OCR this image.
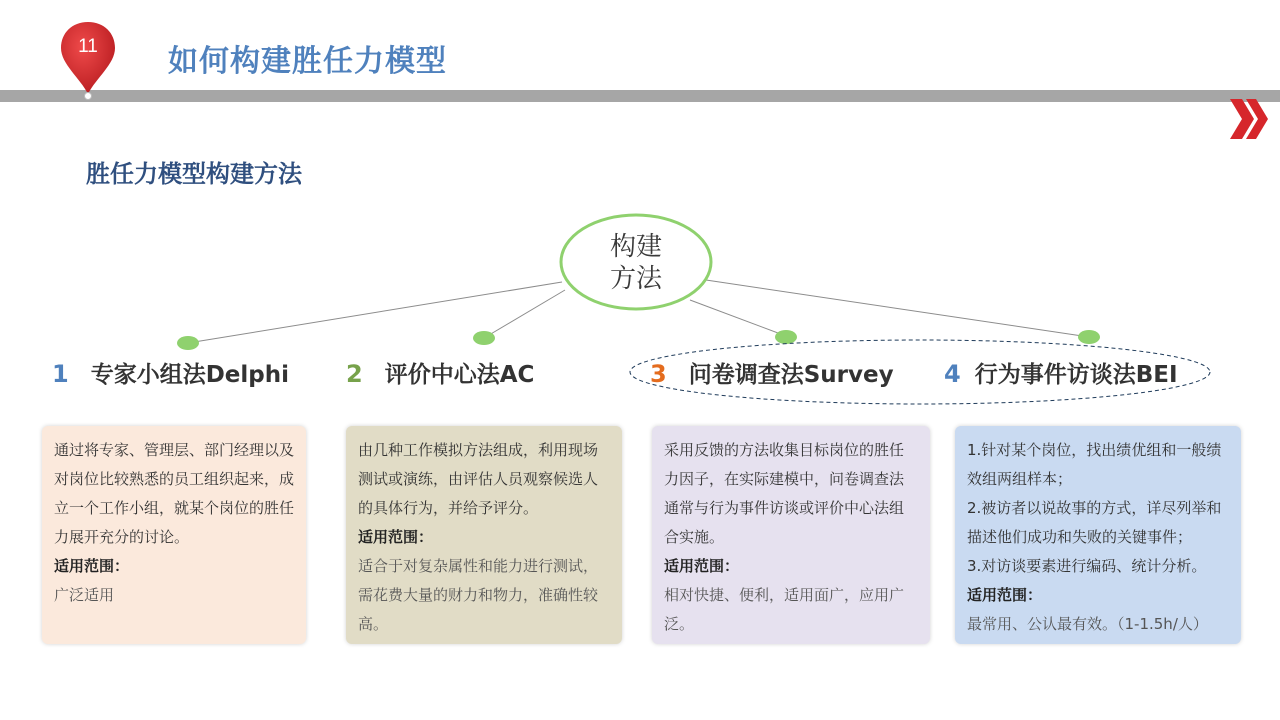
11	如何构建胜任力模型
胜任力模型构建方法
构建
方法
1 专家小组法Delphi 2 评价中心法AC	3 问卷调查法Survey 4 行为事件访谈法BEI

通过将专家、管理层、部门经理以及对岗位比较熟悉的员工组织起来，成立一个工作小组，就某个岗位的胜任力展开充分的讨论。

适用范围：

广泛适用

由几种工作模拟方法组成，利用现场测试或演练，由评估人员观察候选人的具体行为，并给予评分。

适用范围：

适合于对复杂属性和能力进行测试，需花费大量的财力和物力，准确性较高。

采用反馈的方法收集目标岗位的胜任力因子，在实际建模中，问卷调查法通常与行为事件访谈或评价中心法组合实施。

适用范围：

相对快捷、便利，适用面广，应用广泛。

1.针对某个岗位，找出绩优组和一般绩效组两组样本；

2.被访者以说故事的方式，详尽列举和描述他们成功和失败的关键事件；

3.对访谈要素进行编码、统计分析。

适用范围：

最常用、公认最有效。（1-1.5h/人）
